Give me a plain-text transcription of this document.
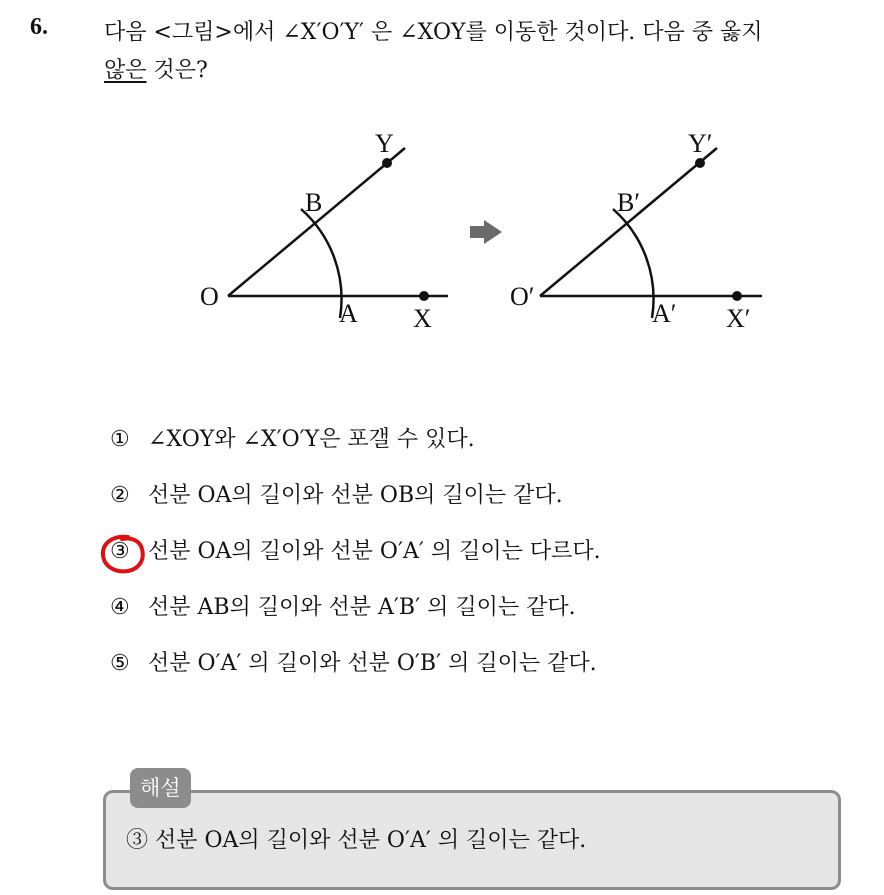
6.	다음 <그림>에서 ∠X′O′Y′ 은 ∠XOY를 이동한 것이다. 다음 중 옳지
않은 것은?
O
A
B
X
Y
O′
A′
B′
X′
Y′
① ∠XOY와 ∠X′O′Y은 포갤 수 있다.
② 선분 OA의 길이와 선분 OB의 길이는 같다.
③ 선분 OA의 길이와 선분 O′A′ 의 길이는 다르다.
④ 선분 AB의 길이와 선분 A′B′ 의 길이는 같다.
⑤ 선분 O′A′ 의 길이와 선분 O′B′ 의 길이는 같다.
③ 선분 OA의 길이와 선분 O′A′ 의 길이는 같다.
해설
